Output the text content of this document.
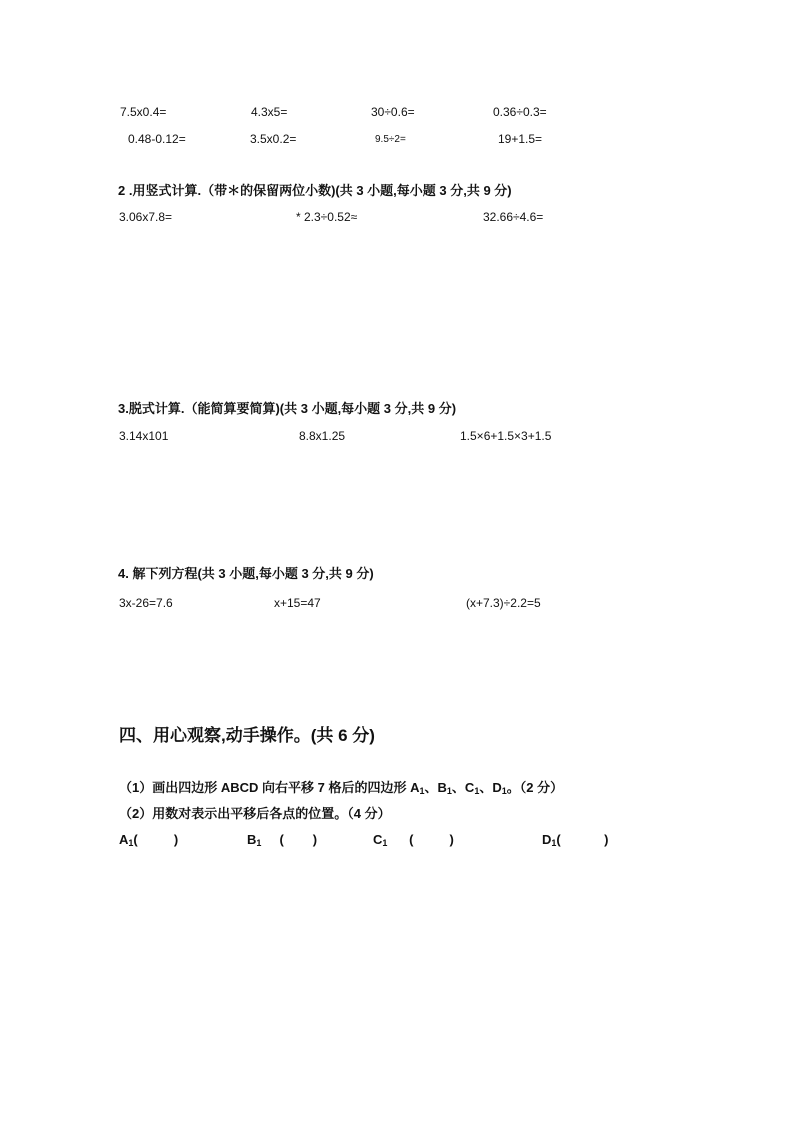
7.5x0.4=	4.3x5=	30÷0.6=	0.36÷0.3=
0.48-0.12=	3.5x0.2=	9.5÷2=	19+1.5=
2 .用竖式计算.（带＊的保留两位小数)(共 3 小题,每小题 3 分,共 9 分)
3.06x7.8=	* 2.3÷0.52≈	32.66÷4.6=
3.脱式计算.（能简算要简算)(共 3 小题,每小题 3 分,共 9 分)
3.14x101	8.8x1.25	1.5×6+1.5×3+1.5
4. 解下列方程(共 3 小题,每小题 3 分,共 9 分)
3x-26=7.6	x+15=47	(x+7.3)÷2.2=5
四、用心观察,动手操作。(共 6 分)
（1）画出四边形 ABCD 向右平移 7 格后的四边形 $A_1$、$B_1$、$C_1$、$D_1$。（2 分）
（2）用数对表示出平移后各点的位置。（4 分）
$A_1$(          )	$B_1$ (        )	$C_1$ (          )	$D_1$(            )
